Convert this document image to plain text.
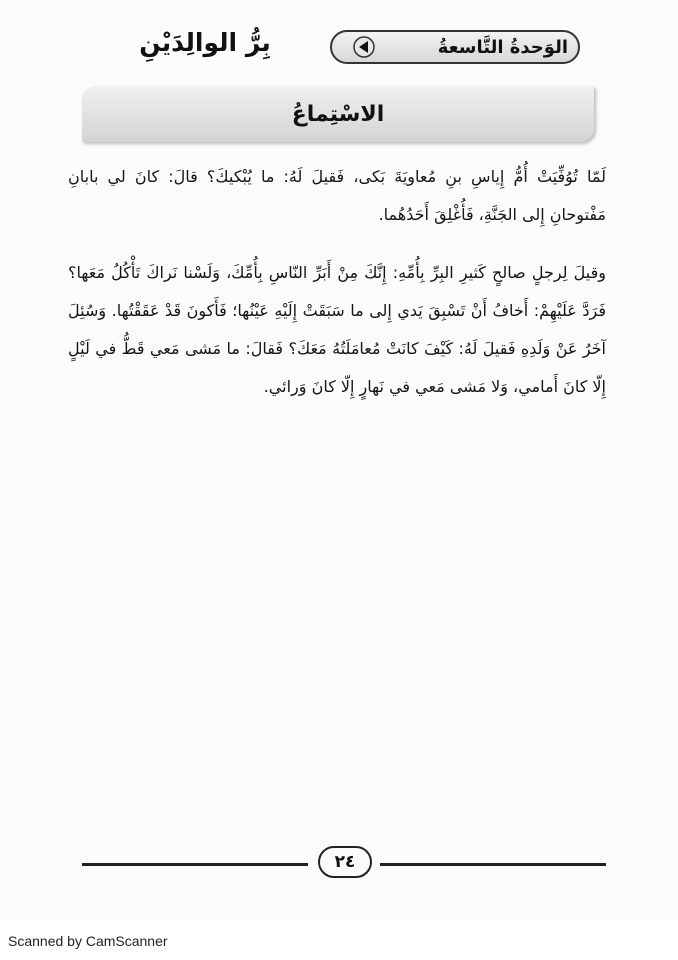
الوَحدةُ التَّاسعةُ
بِرُّ الوالِدَيْنِ
الاسْتِماعُ

لَمّا تُوُفِّيَتْ أُمُّ إِياسِ بنِ مُعاويَةَ بَكى، فَقيلَ لَهُ: ما يُبْكيكَ؟ قالَ: كانَ لي بابانِ مَفْتوحانِ إِلى الجَنَّةِ، فَأُغْلِقَ أَحَدُهُما.

وقيلَ لِرجلٍ صالحٍ كَثيرِ البِرِّ بِأُمِّهِ: إِنَّكَ مِنْ أَبَرِّ النّاسِ بِأُمِّكَ، وَلَسْنا نَراكَ تَأْكُلُ مَعَها؟ فَرَدَّ عَلَيْهِمْ: أَخافُ أَنْ تَسْبِقَ يَدي إِلى ما سَبَقَتْ إِلَيْهِ عَيْنُها؛ فَأَكونَ قَدْ عَقَقْتُها. وَسُئِلَ آخَرُ عَنْ وَلَدِهِ فَقيلَ لَهُ: كَيْفَ كانَتْ مُعامَلَتُهُ مَعَكَ؟ فَقالَ: ما مَشى مَعي قَطُّ في لَيْلٍ إِلّا كانَ أَمامي، وَلا مَشى مَعي في نَهارٍ إِلّا كانَ وَرائي.

٢٤
Scanned by CamScanner
